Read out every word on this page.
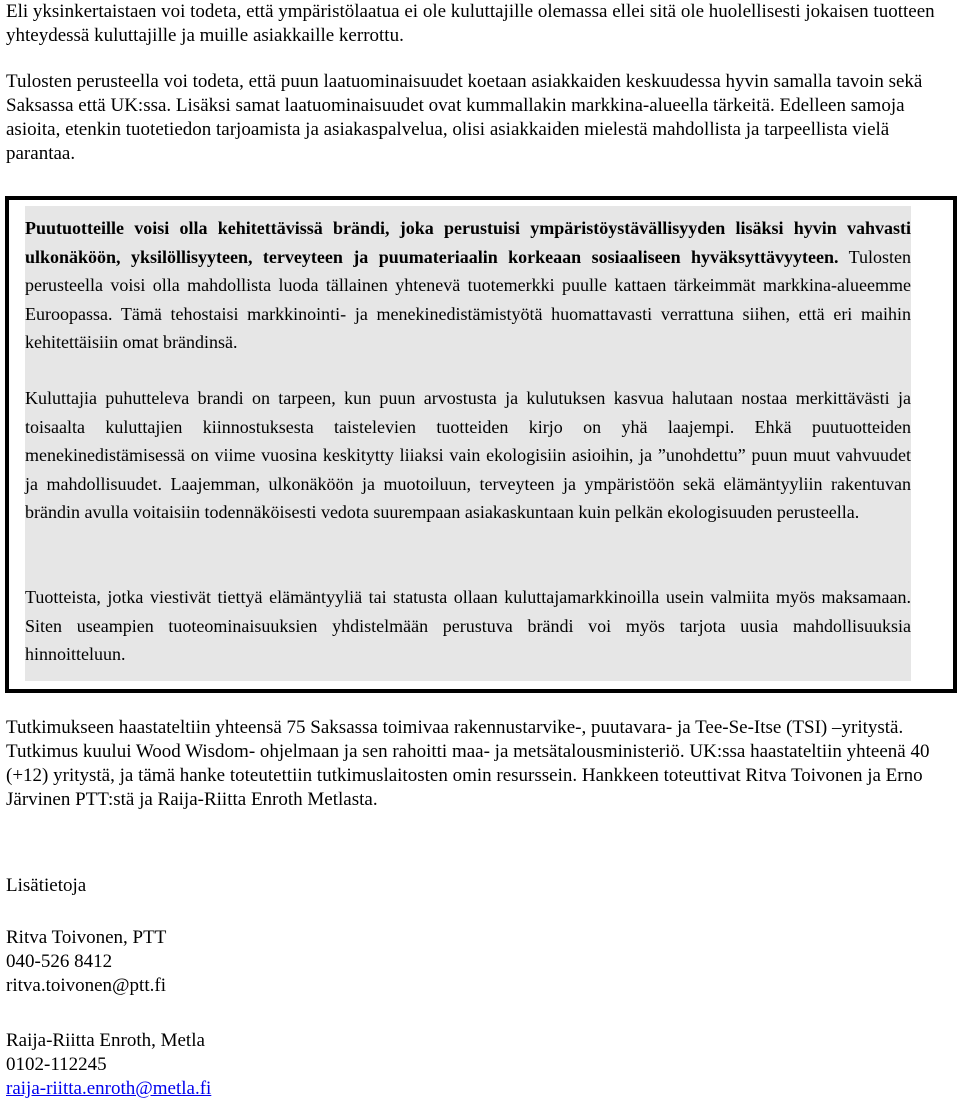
Eli yksinkertaistaen voi todeta, että ympäristölaatua ei ole kuluttajille olemassa ellei sitä ole huolellisesti jokaisen tuotteen yhteydessä kuluttajille ja muille asiakkaille kerrottu.

Tulosten perusteella voi todeta, että puun laatuominaisuudet koetaan asiakkaiden keskuudessa hyvin samalla tavoin sekä Saksassa että UK:ssa. Lisäksi samat laatuominaisuudet ovat kummallakin markkina-alueella tärkeitä. Edelleen samoja asioita, etenkin tuotetiedon tarjoamista ja asiakaspalvelua, olisi asiakkaiden mielestä mahdollista ja tarpeellista vielä parantaa.

Puutuotteille voisi olla kehitettävissä brändi, joka perustuisi ympäristöystävällisyyden lisäksi hyvin vahvasti ulkonäköön, yksilöllisyyteen, terveyteen ja puumateriaalin korkeaan sosiaaliseen hyväksyttävyyteen. Tulosten perusteella voisi olla mahdollista luoda tällainen yhtenevä tuotemerkki puulle kattaen tärkeimmät markkina-alueemme Euroopassa. Tämä tehostaisi markkinointi- ja menekinedistämistyötä huomattavasti verrattuna siihen, että eri maihin kehitettäisiin omat brändinsä.

Kuluttajia puhutteleva brandi on tarpeen, kun puun arvostusta ja kulutuksen kasvua halutaan nostaa merkittävästi ja toisaalta kuluttajien kiinnostuksesta taistelevien tuotteiden kirjo on yhä laajempi. Ehkä puutuotteiden menekinedistämisessä on viime vuosina keskitytty liiaksi vain ekologisiin asioihin, ja ”unohdettu” puun muut vahvuudet ja mahdollisuudet. Laajemman, ulkonäköön ja muotoiluun, terveyteen ja ympäristöön sekä elämäntyyliin rakentuvan brändin avulla voitaisiin todennäköisesti vedota suurempaan asiakaskuntaan kuin pelkän ekologisuuden perusteella.

Tuotteista, jotka viestivät tiettyä elämäntyyliä tai statusta ollaan kuluttajamarkkinoilla usein valmiita myös maksamaan. Siten useampien tuoteominaisuuksien yhdistelmään perustuva brändi voi myös tarjota uusia mahdollisuuksia hinnoitteluun.

Tutkimukseen haastateltiin yhteensä 75 Saksassa toimivaa rakennustarvike-, puutavara- ja Tee-Se-Itse (TSI) –yritystä. Tutkimus kuului Wood Wisdom- ohjelmaan ja sen rahoitti maa- ja metsätalousministeriö. UK:ssa haastateltiin yhteenä 40 (+12) yritystä, ja tämä hanke toteutettiin tutkimuslaitosten omin resurssein. Hankkeen toteuttivat Ritva Toivonen ja Erno Järvinen PTT:stä ja Raija-Riitta Enroth Metlasta.

Lisätietoja

Ritva Toivonen, PTT
040-526 8412
ritva.toivonen@ptt.fi
Raija-Riitta Enroth, Metla
0102-112245
raija-riitta.enroth@metla.fi
